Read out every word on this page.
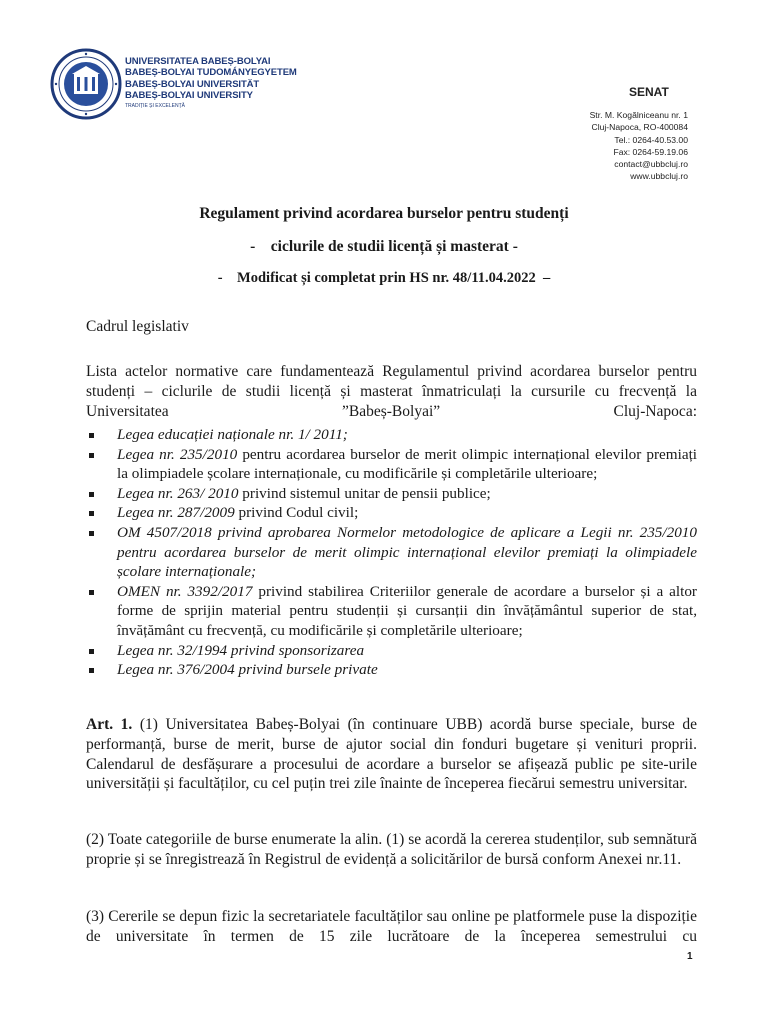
UNIVERSITATEA BABEȘ-BOLYAI
BABEȘ-BOLYAI TUDOMÁNYEGYETEM
BABEȘ-BOLYAI UNIVERSITÄT
BABEȘ-BOLYAI UNIVERSITY
TRADIȚIE ȘI EXCELENȚĂ
SENAT
Str. M. Kogălniceanu nr. 1
Cluj-Napoca, RO-400084
Tel.: 0264-40.53.00
Fax: 0264-59.19.06
contact@ubbcluj.ro
www.ubbcluj.ro
Regulament privind acordarea burselor pentru studenți
-    ciclurile de studii licență și masterat -
-    Modificat și completat prin HS nr. 48/11.04.2022  –
Cadrul legislativ
Lista actelor normative care fundamentează Regulamentul privind acordarea burselor pentru studenți – ciclurile de studii licență și masterat înmatriculați la cursurile cu frecvență la Universitatea ”Babeș-Bolyai” Cluj-Napoca:
Legea educației naționale nr. 1/ 2011;
Legea nr. 235/2010 pentru acordarea burselor de merit olimpic internațional elevilor premiați la olimpiadele școlare internaționale, cu modificările și completările ulterioare;
Legea nr. 263/ 2010 privind sistemul unitar de pensii publice;
Legea nr. 287/2009 privind Codul civil;
OM 4507/2018 privind aprobarea Normelor metodologice de aplicare a Legii nr. 235/2010 pentru acordarea burselor de merit olimpic internațional elevilor premiați la olimpiadele școlare internaționale;
OMEN nr. 3392/2017 privind stabilirea Criteriilor generale de acordare a burselor și a altor forme de sprijin material pentru studenții și cursanții din învățământul superior de stat, învățământ cu frecvență, cu modificările și completările ulterioare;
Legea nr. 32/1994 privind sponsorizarea
Legea nr. 376/2004 privind bursele private
Art. 1. (1) Universitatea Babeș-Bolyai (în continuare UBB) acordă burse speciale, burse de performanță, burse de merit, burse de ajutor social din fonduri bugetare și venituri proprii. Calendarul de desfășurare a procesului de acordare a burselor se afișează public pe site-urile universității și facultăților, cu cel puțin trei zile înainte de începerea fiecărui semestru universitar.
(2) Toate categoriile de burse enumerate la alin. (1) se acordă la cererea studenților, sub semnătură proprie și se înregistrează în Registrul de evidență a solicitărilor de bursă conform Anexei nr.11.
(3) Cererile se depun fizic la secretariatele facultăților sau online pe platformele puse la dispoziție de universitate în termen de 15 zile lucrătoare de la începerea semestrului cu
1
